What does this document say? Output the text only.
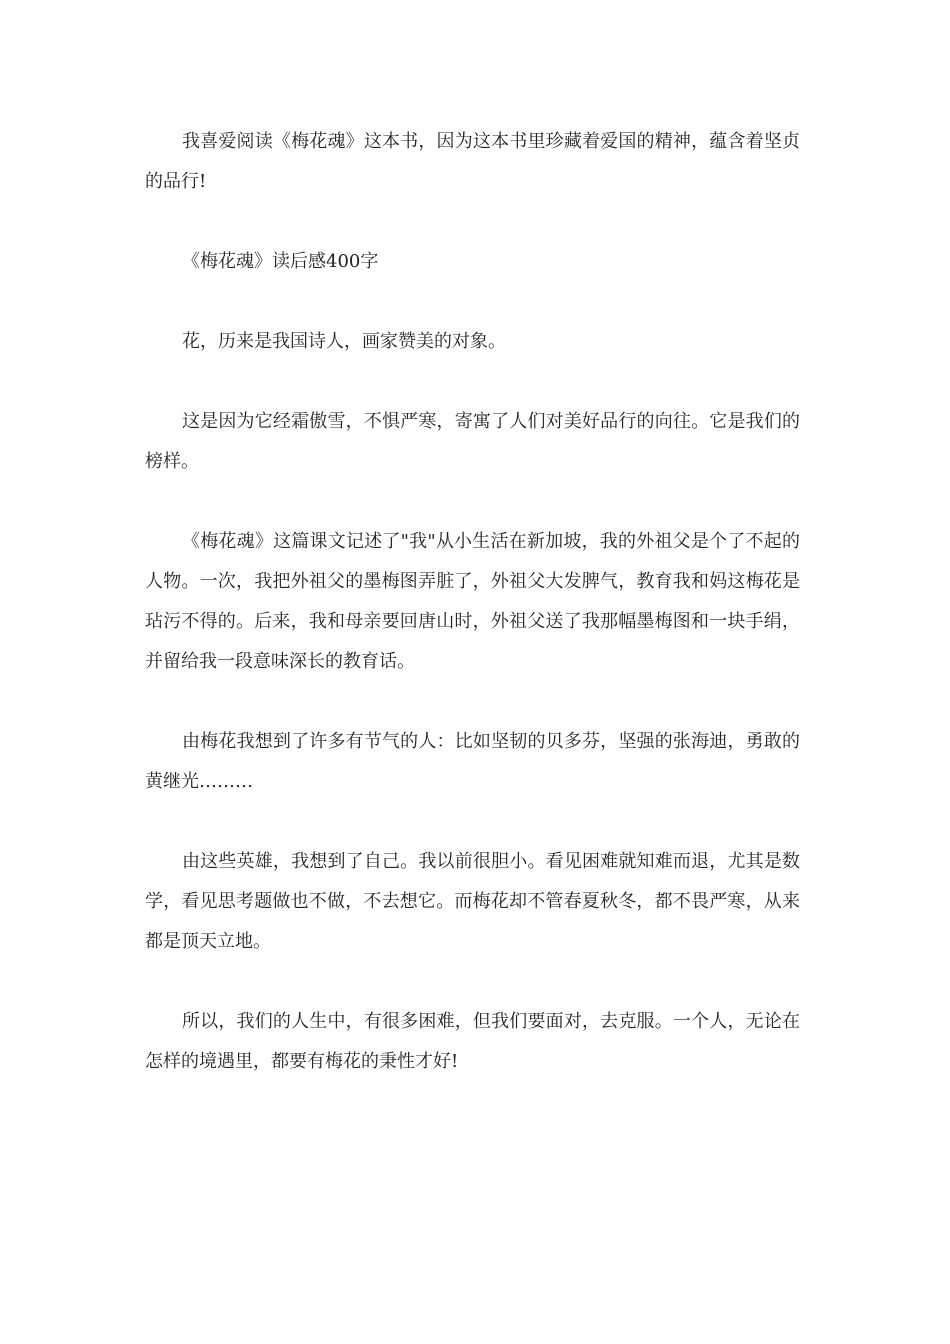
我喜爱阅读《梅花魂》这本书，因为这本书里珍藏着爱国的精神，蕴含着坚贞的品行!

《梅花魂》读后感400字

花，历来是我国诗人，画家赞美的对象。

这是因为它经霜傲雪，不惧严寒，寄寓了人们对美好品行的向往。它是我们的榜样。

《梅花魂》这篇课文记述了"我"从小生活在新加坡，我的外祖父是个了不起的人物。一次，我把外祖父的墨梅图弄脏了，外祖父大发脾气，教育我和妈这梅花是玷污不得的。后来，我和母亲要回唐山时，外祖父送了我那幅墨梅图和一块手绢，并留给我一段意味深长的教育话。

由梅花我想到了许多有节气的人：比如坚韧的贝多芬，坚强的张海迪，勇敢的黄继光………

由这些英雄，我想到了自己。我以前很胆小。看见困难就知难而退，尤其是数学，看见思考题做也不做，不去想它。而梅花却不管春夏秋冬，都不畏严寒，从来都是顶天立地。

所以，我们的人生中，有很多困难，但我们要面对，去克服。一个人，无论在怎样的境遇里，都要有梅花的秉性才好!
